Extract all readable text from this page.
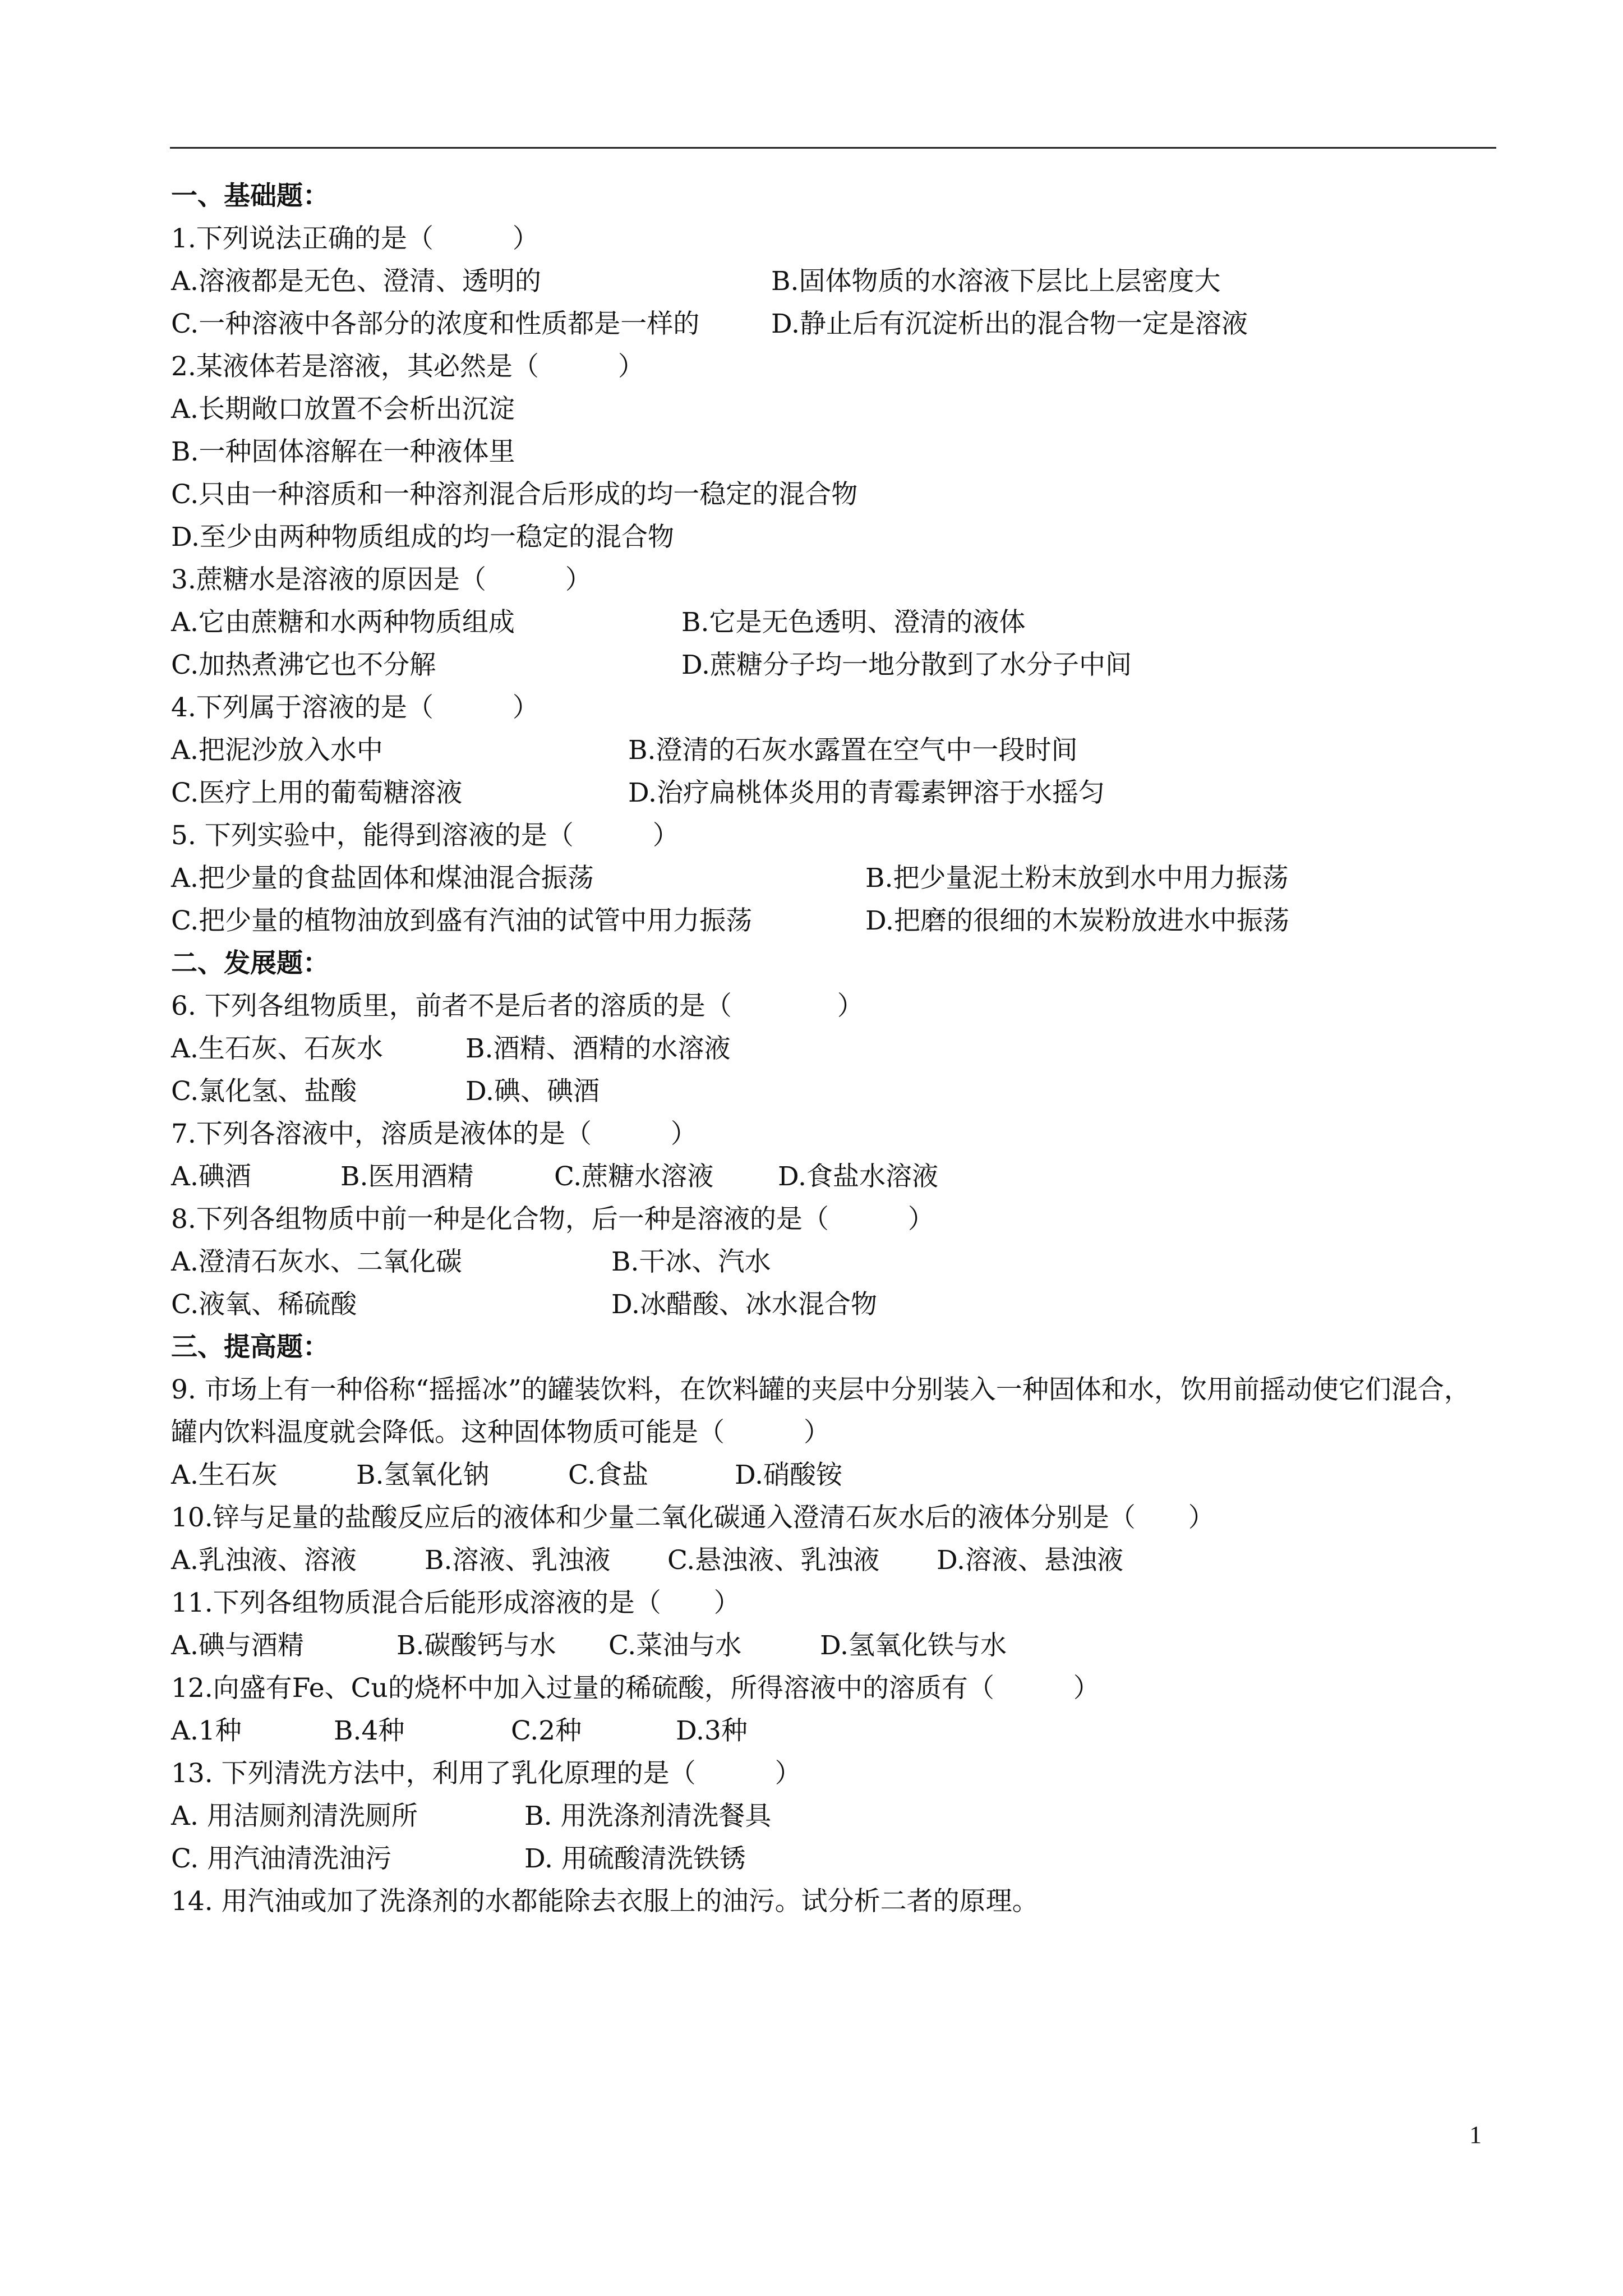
一、基础题：
1.下列说法正确的是（　　　）

A.溶液都是无色、澄清、透明的

	B.固体物质的水溶液下层比上层密度大

C.一种溶液中各部分的浓度和性质都是一样的

	D.静止后有沉淀析出的混合物一定是溶液

2.某液体若是溶液，其必然是（　　　）
A.长期敞口放置不会析出沉淀
B.一种固体溶解在一种液体里
C.只由一种溶质和一种溶剂混合后形成的均一稳定的混合物
D.至少由两种物质组成的均一稳定的混合物
3.蔗糖水是溶液的原因是（　　　）

A.它由蔗糖和水两种物质组成

	B.它是无色透明、澄清的液体

C.加热煮沸它也不分解

	D.蔗糖分子均一地分散到了水分子中间

4.下列属于溶液的是（　　　）

A.把泥沙放入水中

	B.澄清的石灰水露置在空气中一段时间

C.医疗上用的葡萄糖溶液

	D.治疗扁桃体炎用的青霉素钾溶于水摇匀

5. 下列实验中，能得到溶液的是（　　　）

A.把少量的食盐固体和煤油混合振荡

	B.把少量泥土粉末放到水中用力振荡

C.把少量的植物油放到盛有汽油的试管中用力振荡

	D.把磨的很细的木炭粉放进水中振荡

二、发展题：
6. 下列各组物质里，前者不是后者的溶质的是（　　　　）

A.生石灰、石灰水

	B.酒精、酒精的水溶液

C.氯化氢、盐酸

	D.碘、碘酒

7.下列各溶液中，溶质是液体的是（　　　）

A.碘酒

	B.医用酒精

	C.蔗糖水溶液

D.食盐水溶液

8.下列各组物质中前一种是化合物，后一种是溶液的是（　　　）

A.澄清石灰水、二氧化碳

	B.干冰、汽水

C.液氧、稀硫酸

	D.冰醋酸、冰水混合物

三、提高题：
9. 市场上有一种俗称“摇摇冰”的罐装饮料，在饮料罐的夹层中分别装入一种固体和水，饮用前摇动使它们混合，罐内饮料温度就会降低。这种固体物质可能是（　　　）

A.生石灰

	B.氢氧化钠

	C.食盐

	D.硝酸铵

10.锌与足量的盐酸反应后的液体和少量二氧化碳通入澄清石灰水后的液体分别是（　　）

A.乳浊液、溶液

	B.溶液、乳浊液

C.悬浊液、乳浊液

D.溶液、悬浊液

11.下列各组物质混合后能形成溶液的是（　　）

A.碘与酒精

	B.碳酸钙与水

C.菜油与水

	D.氢氧化铁与水

12.向盛有Fe、Cu的烧杯中加入过量的稀硫酸，所得溶液中的溶质有（　　　）

A.1种

	B.4种

	C.2种

	D.3种

13. 下列清洗方法中，利用了乳化原理的是（　　　）

A. 用洁厕剂清洗厕所

	B. 用洗涤剂清洗餐具

C. 用汽油清洗油污

	D. 用硫酸清洗铁锈

14. 用汽油或加了洗涤剂的水都能除去衣服上的油污。试分析二者的原理。
1
